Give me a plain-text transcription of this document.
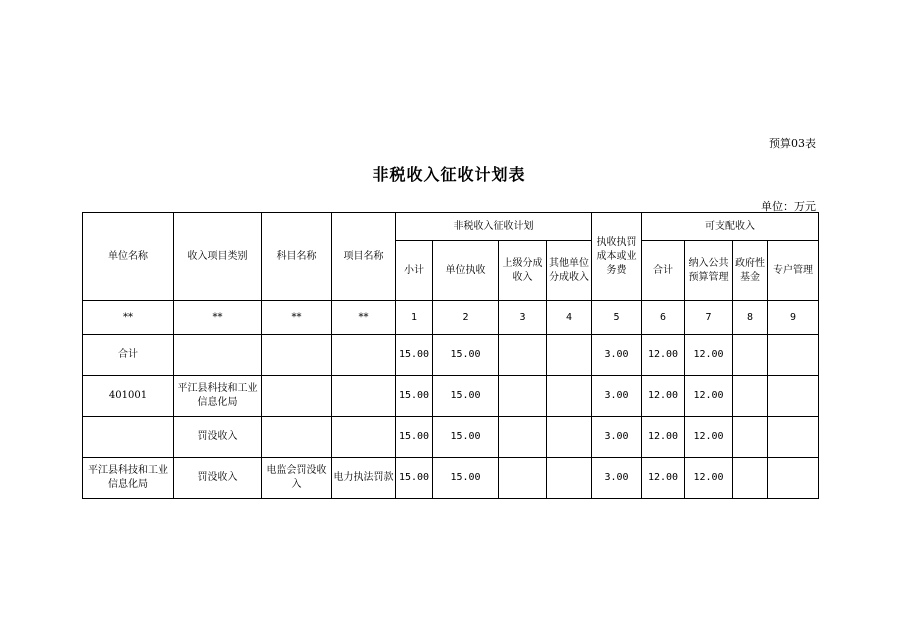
预算03表
非税收入征收计划表
单位：万元
单位名称	收入项目类别	科目名称	项目名称	非税收入征收计划				执收执罚成本或业务费	可支配收入			
				小计	单位执收	上级分成收入	其他单位分成收入		合计	纳入公共预算管理	政府性基金	专户管理
**	**	**	**	1	2	3	4	5	6	7	8	9
合计				15.00	15.00			3.00	12.00	12.00		
401001	平江县科技和工业信息化局			15.00	15.00			3.00	12.00	12.00		
	罚没收入			15.00	15.00			3.00	12.00	12.00		
平江县科技和工业信息化局	罚没收入	电监会罚没收入	电力执法罚款	15.00	15.00			3.00	12.00	12.00		
